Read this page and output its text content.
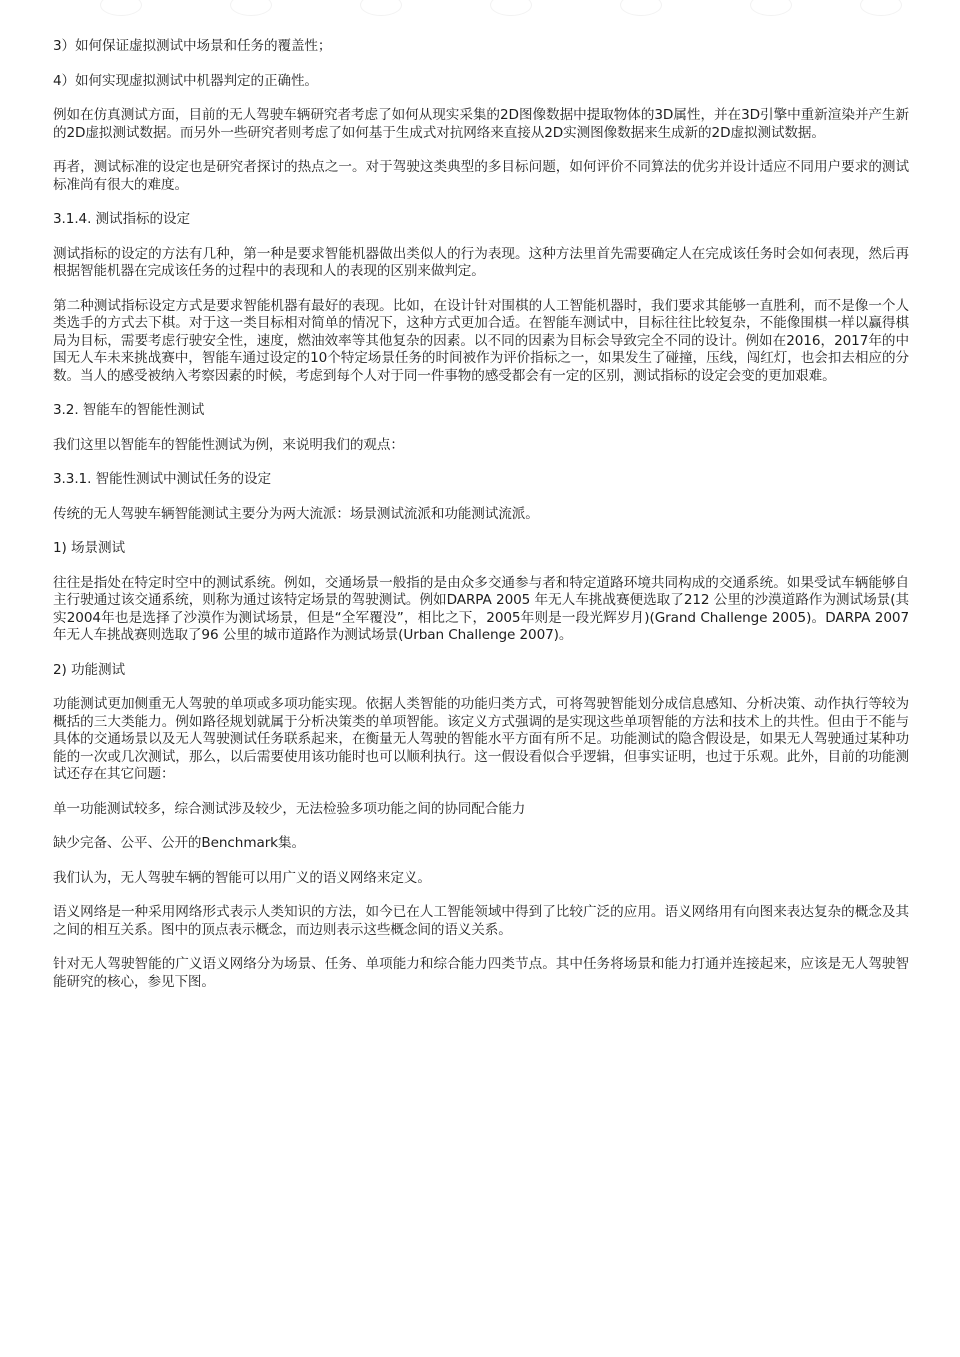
3）如何保证虚拟测试中场景和任务的覆盖性；

4）如何实现虚拟测试中机器判定的正确性。

例如在仿真测试方面，目前的无人驾驶车辆研究者考虑了如何从现实采集的2D图像数据中提取物体的3D属性，并在3D引擎中重新渲染并产生新的2D虚拟测试数据。而另外一些研究者则考虑了如何基于生成式对抗网络来直接从2D实测图像数据来生成新的2D虚拟测试数据。

再者，测试标准的设定也是研究者探讨的热点之一。对于驾驶这类典型的多目标问题，如何评价不同算法的优劣并设计适应不同用户要求的测试标准尚有很大的难度。

3.1.4. 测试指标的设定

测试指标的设定的方法有几种，第一种是要求智能机器做出类似人的行为表现。这种方法里首先需要确定人在完成该任务时会如何表现，然后再根据智能机器在完成该任务的过程中的表现和人的表现的区别来做判定。

第二种测试指标设定方式是要求智能机器有最好的表现。比如，在设计针对围棋的人工智能机器时，我们要求其能够一直胜利，而不是像一个人类选手的方式去下棋。对于这一类目标相对简单的情况下，这种方式更加合适。在智能车测试中，目标往往比较复杂，不能像围棋一样以赢得棋局为目标，需要考虑行驶安全性，速度，燃油效率等其他复杂的因素。以不同的因素为目标会导致完全不同的设计。例如在2016，2017年的中国无人车未来挑战赛中，智能车通过设定的10个特定场景任务的时间被作为评价指标之一，如果发生了碰撞，压线，闯红灯，也会扣去相应的分数。当人的感受被纳入考察因素的时候，考虑到每个人对于同一件事物的感受都会有一定的区别，测试指标的设定会变的更加艰难。

3.2. 智能车的智能性测试

我们这里以智能车的智能性测试为例，来说明我们的观点：

3.3.1. 智能性测试中测试任务的设定

传统的无人驾驶车辆智能测试主要分为两大流派：场景测试流派和功能测试流派。

1) 场景测试

往往是指处在特定时空中的测试系统。例如，交通场景一般指的是由众多交通参与者和特定道路环境共同构成的交通系统。如果受试车辆能够自主行驶通过该交通系统，则称为通过该特定场景的驾驶测试。例如DARPA 2005 年无人车挑战赛便选取了212 公里的沙漠道路作为测试场景(其实2004年也是选择了沙漠作为测试场景，但是“全军覆没”，相比之下，2005年则是一段光辉岁月)(Grand Challenge 2005)。DARPA 2007 年无人车挑战赛则选取了96 公里的城市道路作为测试场景(Urban Challenge 2007)。

2) 功能测试

功能测试更加侧重无人驾驶的单项或多项功能实现。依据人类智能的功能归类方式，可将驾驶智能划分成信息感知、分析决策、动作执行等较为概括的三大类能力。例如路径规划就属于分析决策类的单项智能。该定义方式强调的是实现这些单项智能的方法和技术上的共性。但由于不能与具体的交通场景以及无人驾驶测试任务联系起来，在衡量无人驾驶的智能水平方面有所不足。功能测试的隐含假设是，如果无人驾驶通过某种功能的一次或几次测试，那么，以后需要使用该功能时也可以顺利执行。这一假设看似合乎逻辑，但事实证明，也过于乐观。此外，目前的功能测试还存在其它问题：

单一功能测试较多，综合测试涉及较少，无法检验多项功能之间的协同配合能力

缺少完备、公平、公开的Benchmark集。

我们认为，无人驾驶车辆的智能可以用广义的语义网络来定义。

语义网络是一种采用网络形式表示人类知识的方法，如今已在人工智能领域中得到了比较广泛的应用。语义网络用有向图来表达复杂的概念及其之间的相互关系。图中的顶点表示概念，而边则表示这些概念间的语义关系。

针对无人驾驶智能的广义语义网络分为场景、任务、单项能力和综合能力四类节点。其中任务将场景和能力打通并连接起来，应该是无人驾驶智能研究的核心，参见下图。
